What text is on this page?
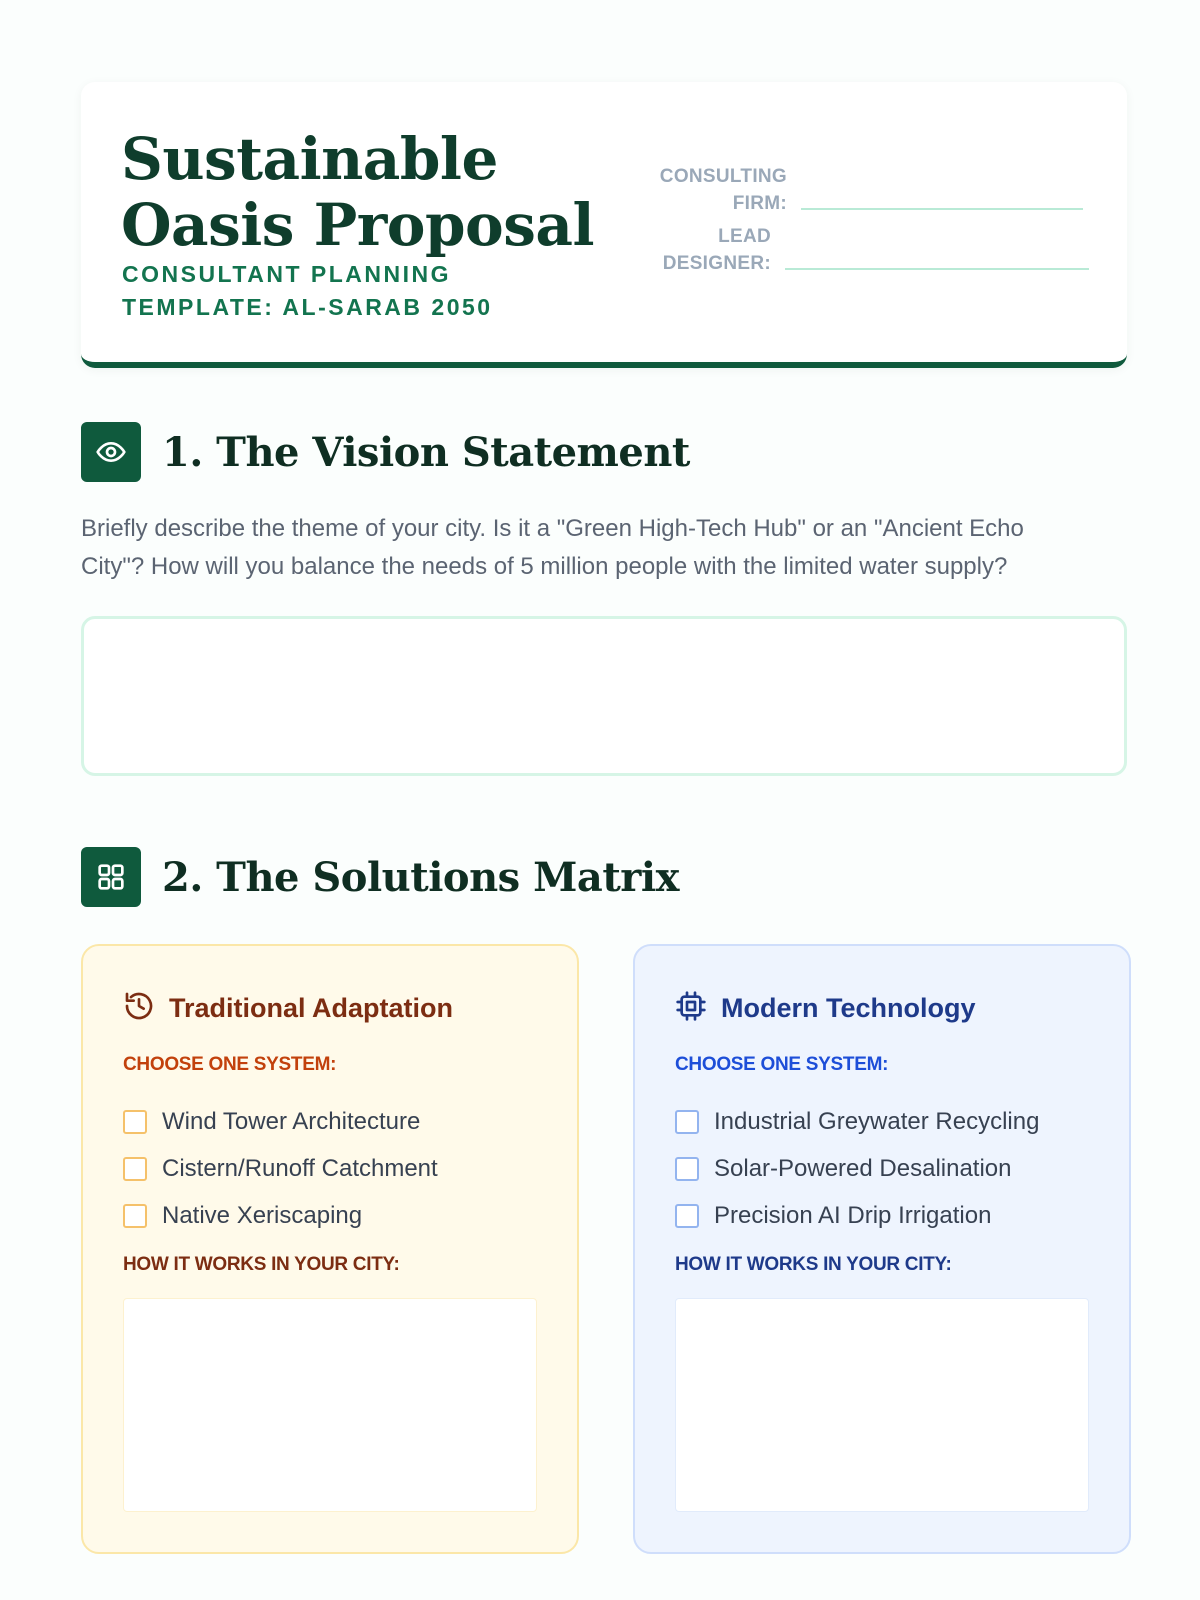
Sustainable Oasis Proposal
CONSULTANT PLANNING TEMPLATE: AL-SARAB 2050
CONSULTING FIRM:
LEAD DESIGNER:
1. The Vision Statement
Briefly describe the theme of your city. Is it a "Green High-Tech Hub" or an "Ancient Echo City"? How will you balance the needs of 5 million people with the limited water supply?
2. The Solutions Matrix
Traditional Adaptation
CHOOSE ONE SYSTEM:
Wind Tower Architecture
Cistern/Runoff Catchment
Native Xeriscaping
HOW IT WORKS IN YOUR CITY:
Modern Technology
CHOOSE ONE SYSTEM:
Industrial Greywater Recycling
Solar-Powered Desalination
Precision AI Drip Irrigation
HOW IT WORKS IN YOUR CITY:
